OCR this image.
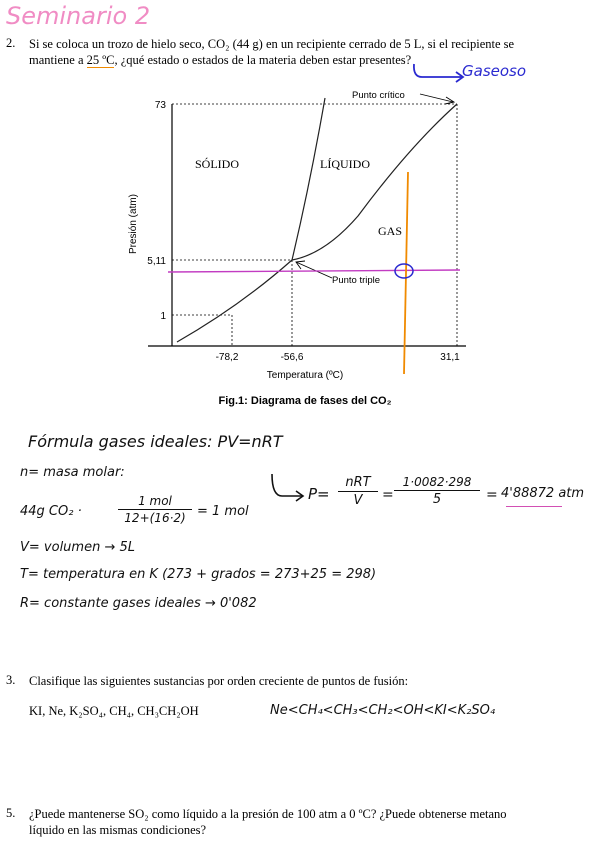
Seminario 2
2. Si se coloca un trozo de hielo seco, CO₂ (44 g) en un recipiente cerrado de 5 L, si el recipiente se
mantiene a 25 ºC, ¿qué estado o estados de la materia deben estar presentes?
Gaseoso
73
5,11
1
-78,2	-56,6	31,1
Temperatura (ºC)
Presión (atm)
SÓLIDO	LÍQUIDO
GAS
Punto crítico
Punto triple
Fig.1: Diagrama de fases del CO₂
Fórmula gases ideales: PV=nRT
n= masa molar:
44g CO₂ ·
1 mol
12+(16·2) = 1 mol
V= volumen → 5L
T= temperatura en K (273 + grados = 273+25 = 298)
R= constante gases ideales → 0'082
P=
nRT
V	=
1·0082·298
5	= 4'88872 atm
3. Clasifique las siguientes sustancias por orden creciente de puntos de fusión:
KI, Ne, K₂SO₄, CH₄, CH₃CH₂OH	Ne<CH₄<CH₃<CH₂<OH<KI<K₂SO₄
5. ¿Puede mantenerse SO₂ como líquido a la presión de 100 atm a 0 ºC? ¿Puede obtenerse metano
líquido en las mismas condiciones?
